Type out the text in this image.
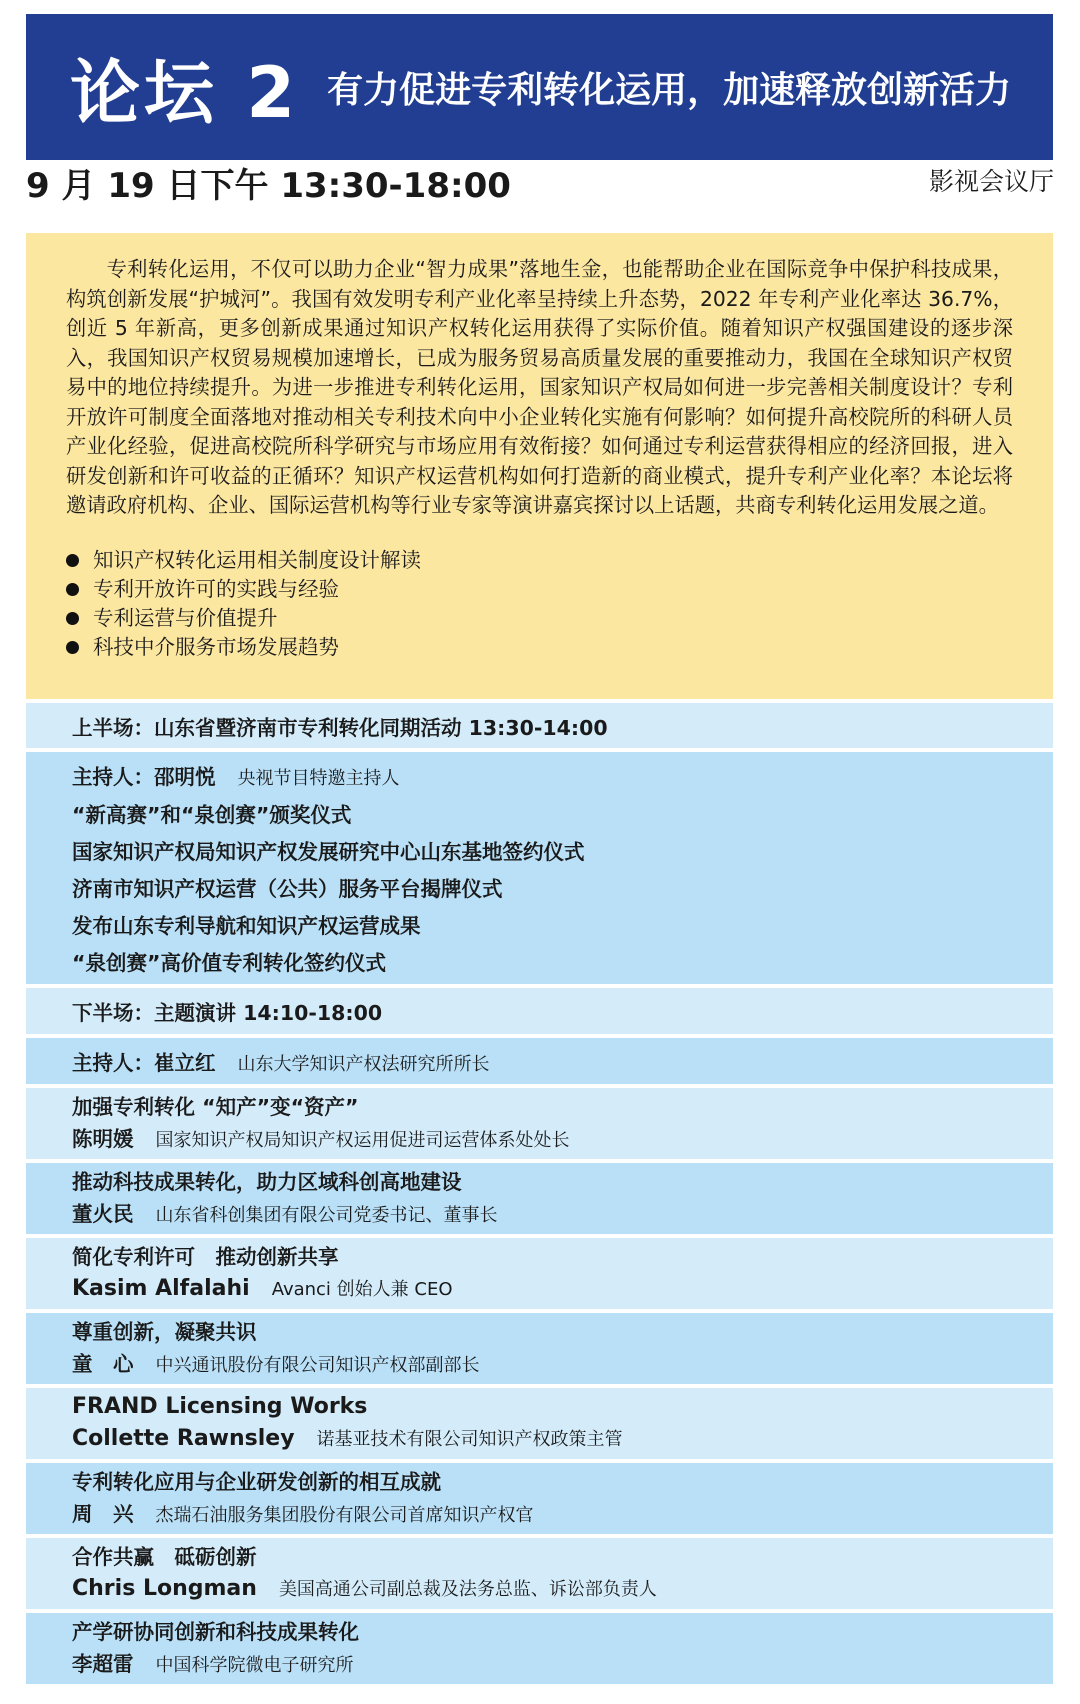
论坛 2 有力促进专利转化运用，加速释放创新活力
9 月 19 日下午 13:30-18:00	影视会议厅

专利转化运用，不仅可以助力企业“智力成果”落地生金，也能帮助企业在国际竞争中保护科技成果，构筑创新发展“护城河”。我国有效发明专利产业化率呈持续上升态势，2022 年专利产业化率达 36.7%，创近 5 年新高，更多创新成果通过知识产权转化运用获得了实际价值。随着知识产权强国建设的逐步深入，我国知识产权贸易规模加速增长，已成为服务贸易高质量发展的重要推动力，我国在全球知识产权贸易中的地位持续提升。为进一步推进专利转化运用，国家知识产权局如何进一步完善相关制度设计？专利开放许可制度全面落地对推动相关专利技术向中小企业转化实施有何影响？如何提升高校院所的科研人员产业化经验，促进高校院所科学研究与市场应用有效衔接？如何通过专利运营获得相应的经济回报，进入研发创新和许可收益的正循环？知识产权运营机构如何打造新的商业模式，提升专利产业化率？本论坛将邀请政府机构、企业、国际运营机构等行业专家等演讲嘉宾探讨以上话题，共商专利转化运用发展之道。

知识产权转化运用相关制度设计解读
专利开放许可的实践与经验
专利运营与价值提升
科技中介服务市场发展趋势
上半场：山东省暨济南市专利转化同期活动 13:30-14:00
主持人：邵明悦 央视节目特邀主持人
“新高赛”和“泉创赛”颁奖仪式
国家知识产权局知识产权发展研究中心山东基地签约仪式
济南市知识产权运营（公共）服务平台揭牌仪式
发布山东专利导航和知识产权运营成果
“泉创赛”高价值专利转化签约仪式
下半场：主题演讲 14:10-18:00
主持人：崔立红 山东大学知识产权法研究所所长
加强专利转化 “知产”变“资产”
陈明媛 国家知识产权局知识产权运用促进司运营体系处处长
推动科技成果转化，助力区域科创高地建设
董火民 山东省科创集团有限公司党委书记、董事长
简化专利许可　推动创新共享
Kasim Alfalahi Avanci 创始人兼 CEO
尊重创新，凝聚共识
童　心 中兴通讯股份有限公司知识产权部副部长
FRAND Licensing Works
Collette Rawnsley 诺基亚技术有限公司知识产权政策主管
专利转化应用与企业研发创新的相互成就
周　兴 杰瑞石油服务集团股份有限公司首席知识产权官
合作共赢　砥砺创新
Chris Longman 美国高通公司副总裁及法务总监、诉讼部负责人
产学研协同创新和科技成果转化
李超雷 中国科学院微电子研究所
